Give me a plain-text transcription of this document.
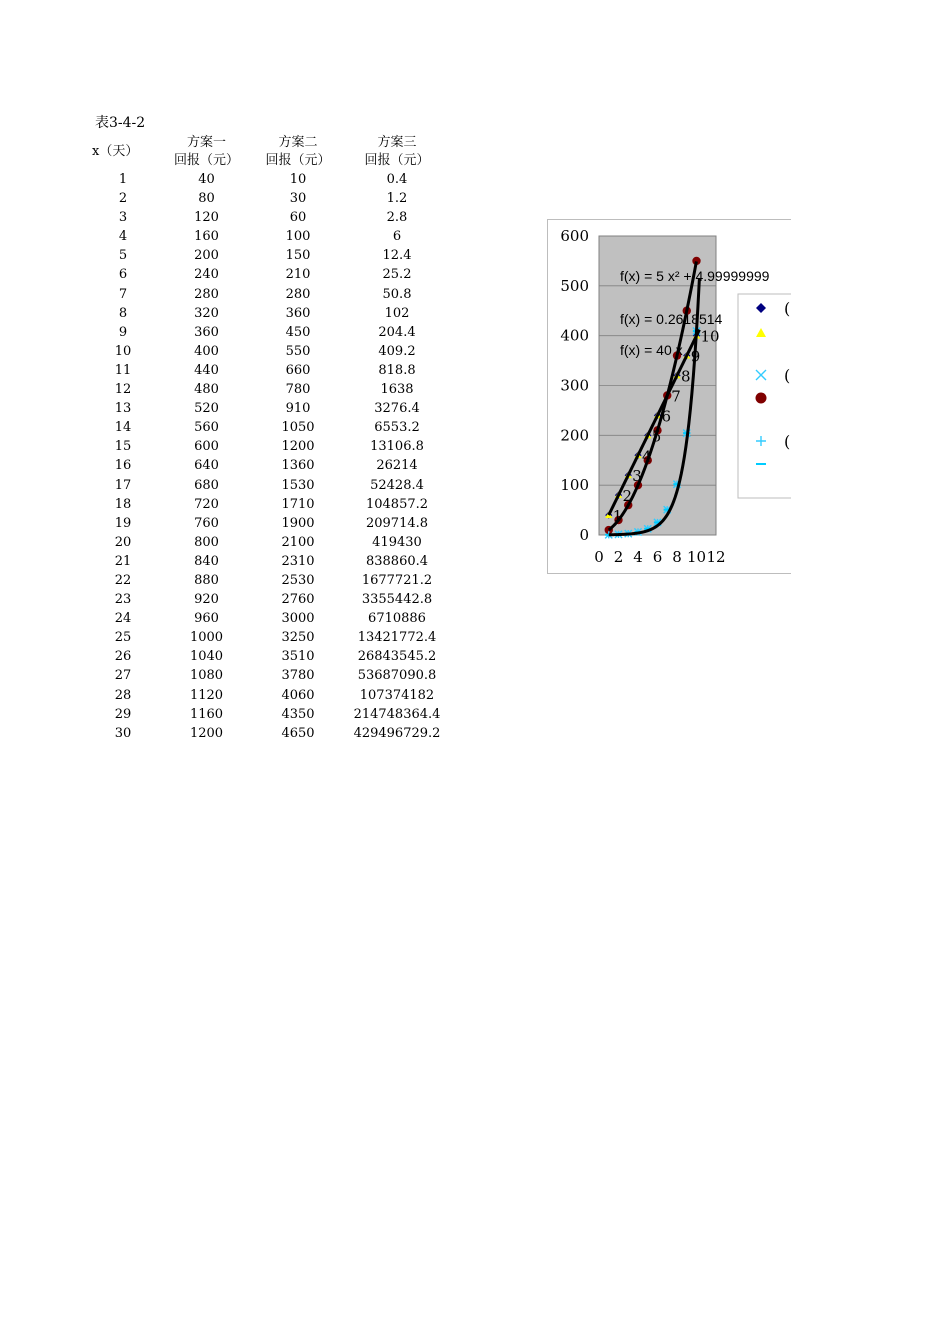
表3-4-2
x（天）	方案一	方案二	方案三
	回报（元）	回报（元）	回报（元）
1	40	10	0.4
2	80	30	1.2
3	120	60	2.8
4	160	100	6
5	200	150	12.4
6	240	210	25.2
7	280	280	50.8
8	320	360	102
9	360	450	204.4
10	400	550	409.2
11	440	660	818.8
12	480	780	1638
13	520	910	3276.4
14	560	1050	6553.2
15	600	1200	13106.8
16	640	1360	26214
17	680	1530	52428.4
18	720	1710	104857.2
19	760	1900	209714.8
20	800	2100	419430
21	840	2310	838860.4
22	880	2530	1677721.2
23	920	2760	3355442.8
24	960	3000	6710886
25	1000	3250	13421772.4
26	1040	3510	26843545.2
27	1080	3780	53687090.8
28	1120	4060	107374182
29	1160	4350	214748364.4
30	1200	4650	429496729.2
0
100
200
300
400
500
600
0 2 4 6 8 10 12
1
2
3
4
5
6
7
8
9
10
f(x) = 5 x² + 4.99999999
f(x) = 0.2618514
f(x) = 40 x
(
(
(
